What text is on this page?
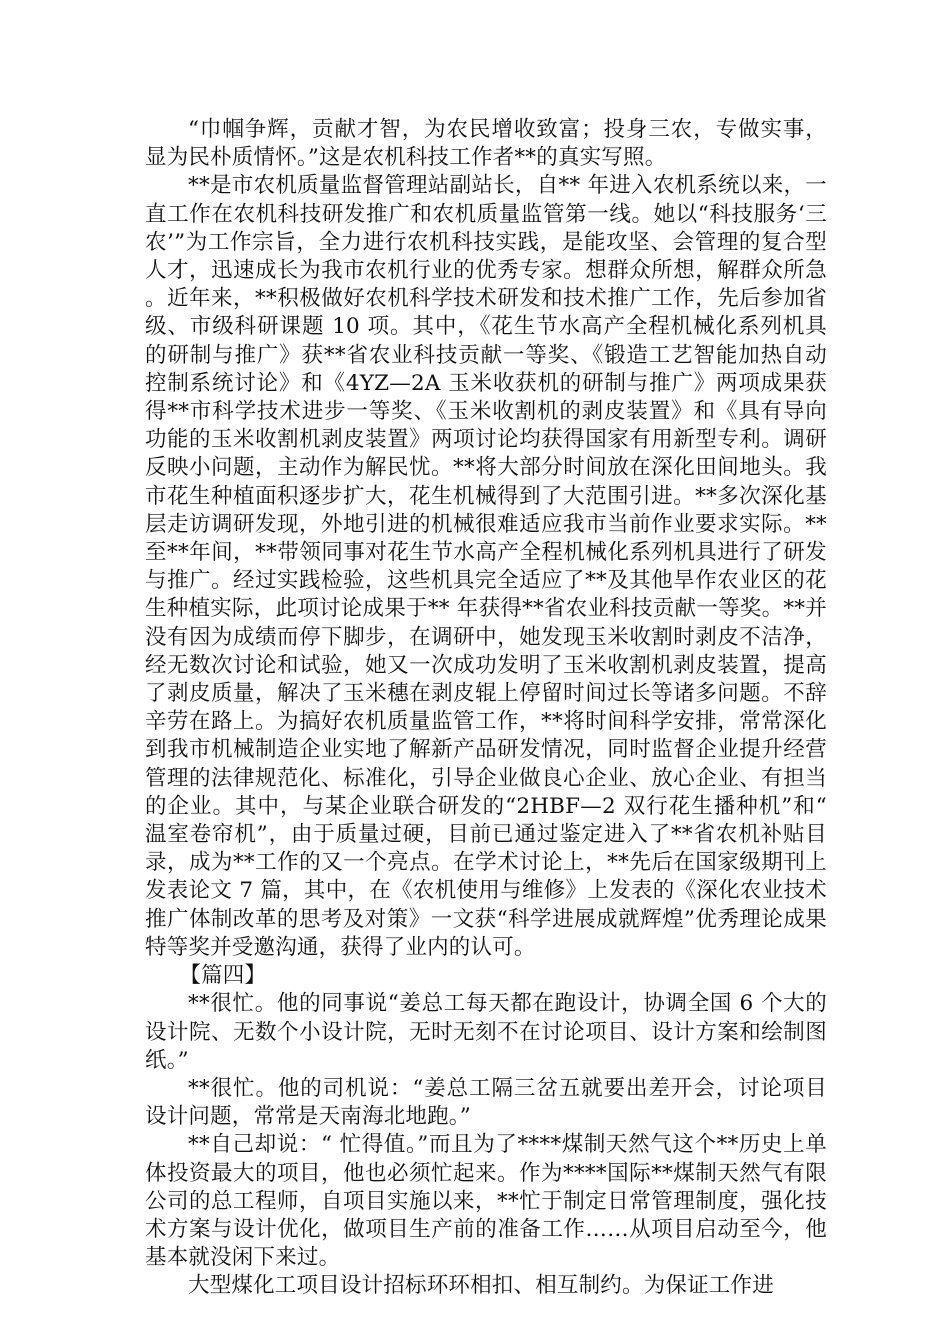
“巾帼争辉，贡献才智，为农民增收致富；投身三农，专做实事，显为民朴质情怀。”这是农机科技工作者**的真实写照。

**是市农机质量监督管理站副站长，自** 年进入农机系统以来，一直工作在农机科技研发推广和农机质量监管第一线。她以“科技服务‘三农’”为工作宗旨，全力进行农机科技实践，是能攻坚、会管理的复合型人才，迅速成长为我市农机行业的优秀专家。想群众所想，解群众所急。近年来，**积极做好农机科学技术研发和技术推广工作，先后参加省级、市级科研课题 10 项。其中，《花生节水高产全程机械化系列机具的研制与推广》获**省农业科技贡献一等奖、《锻造工艺智能加热自动控制系统讨论》和《4YZ—2A 玉米收获机的研制与推广》两项成果获得**市科学技术进步一等奖、《玉米收割机的剥皮装置》和《具有导向功能的玉米收割机剥皮装置》两项讨论均获得国家有用新型专利。调研反映小问题，主动作为解民忧。**将大部分时间放在深化田间地头。我市花生种植面积逐步扩大，花生机械得到了大范围引进。**多次深化基层走访调研发现，外地引进的机械很难适应我市当前作业要求实际。**至**年间，**带领同事对花生节水高产全程机械化系列机具进行了研发与推广。经过实践检验，这些机具完全适应了**及其他旱作农业区的花生种植实际，此项讨论成果于** 年获得**省农业科技贡献一等奖。**并没有因为成绩而停下脚步，在调研中，她发现玉米收割时剥皮不洁净，经无数次讨论和试验，她又一次成功发明了玉米收割机剥皮装置，提高了剥皮质量，解决了玉米穗在剥皮辊上停留时间过长等诸多问题。不辞辛劳在路上。为搞好农机质量监管工作，**将时间科学安排，常常深化到我市机械制造企业实地了解新产品研发情况，同时监督企业提升经营管理的法律规范化、标准化，引导企业做良心企业、放心企业、有担当的企业。其中，与某企业联合研发的“2HBF—2 双行花生播种机”和“温室卷帘机”，由于质量过硬，目前已通过鉴定进入了**省农机补贴目录，成为**工作的又一个亮点。在学术讨论上，**先后在国家级期刊上发表论文 7 篇，其中，在《农机使用与维修》上发表的《深化农业技术推广体制改革的思考及对策》一文获“科学进展成就辉煌”优秀理论成果特等奖并受邀沟通，获得了业内的认可。

【篇四】

**很忙。他的同事说“姜总工每天都在跑设计，协调全国 6 个大的设计院、无数个小设计院，无时无刻不在讨论项目、设计方案和绘制图纸。”

**很忙。他的司机说：“姜总工隔三岔五就要出差开会，讨论项目设计问题，常常是天南海北地跑。”

**自己却说：“ 忙得值。”而且为了****煤制天然气这个**历史上单体投资最大的项目，他也必须忙起来。作为****国际**煤制天然气有限公司的总工程师，自项目实施以来，**忙于制定日常管理制度，强化技术方案与设计优化，做项目生产前的准备工作……从项目启动至今，他基本就没闲下来过。

大型煤化工项目设计招标环环相扣、相互制约。为保证工作进
